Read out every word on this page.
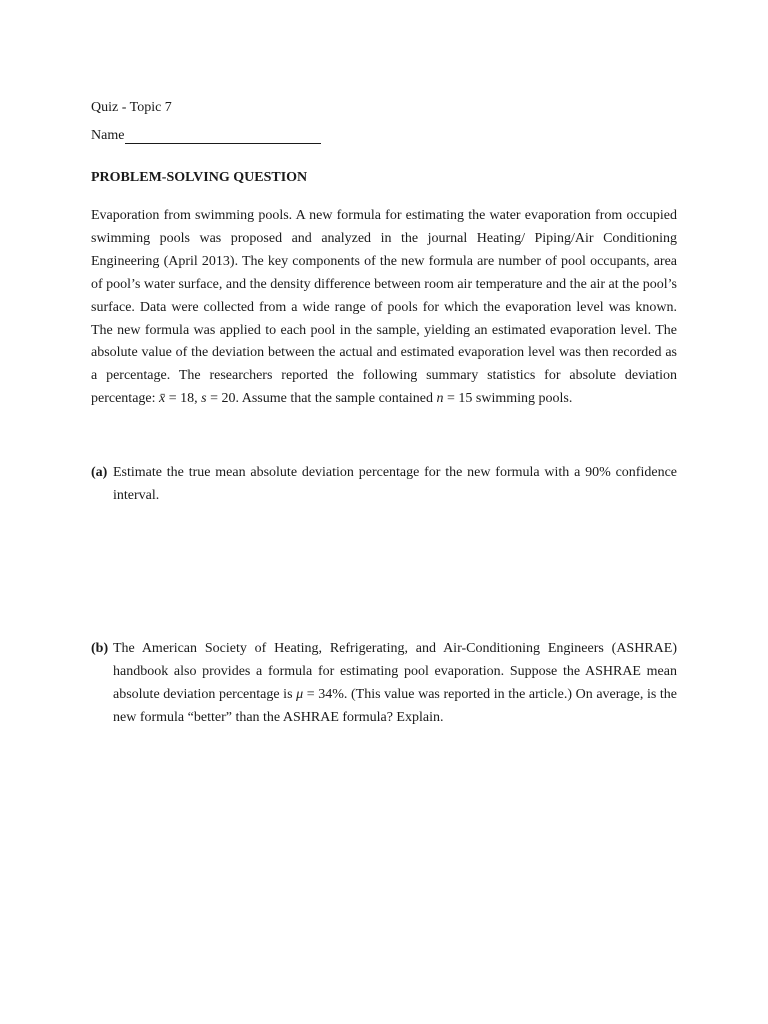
Quiz - Topic 7
Name
PROBLEM-SOLVING QUESTION

Evaporation from swimming pools. A new formula for estimating the water evaporation from occupied swimming pools was proposed and analyzed in the journal Heating/ Piping/Air Conditioning Engineering (April 2013). The key components of the new formula are number of pool occupants, area of pool’s water surface, and the density difference between room air temperature and the air at the pool’s surface. Data were collected from a wide range of pools for which the evaporation level was known. The new formula was applied to each pool in the sample, yielding an estimated evaporation level. The absolute value of the deviation between the actual and estimated evaporation level was then recorded as a percentage. The researchers reported the following summary statistics for absolute deviation percentage: x̄ = 18, s = 20. Assume that the sample contained n = 15 swimming pools.

(a) Estimate the true mean absolute deviation percentage for the new formula with a 90% confidence interval.
(b) The American Society of Heating, Refrigerating, and Air-Conditioning Engineers (ASHRAE) handbook also provides a formula for estimating pool evaporation. Suppose the ASHRAE mean absolute deviation percentage is μ = 34%. (This value was reported in the article.) On average, is the new formula “better” than the ASHRAE formula? Explain.
